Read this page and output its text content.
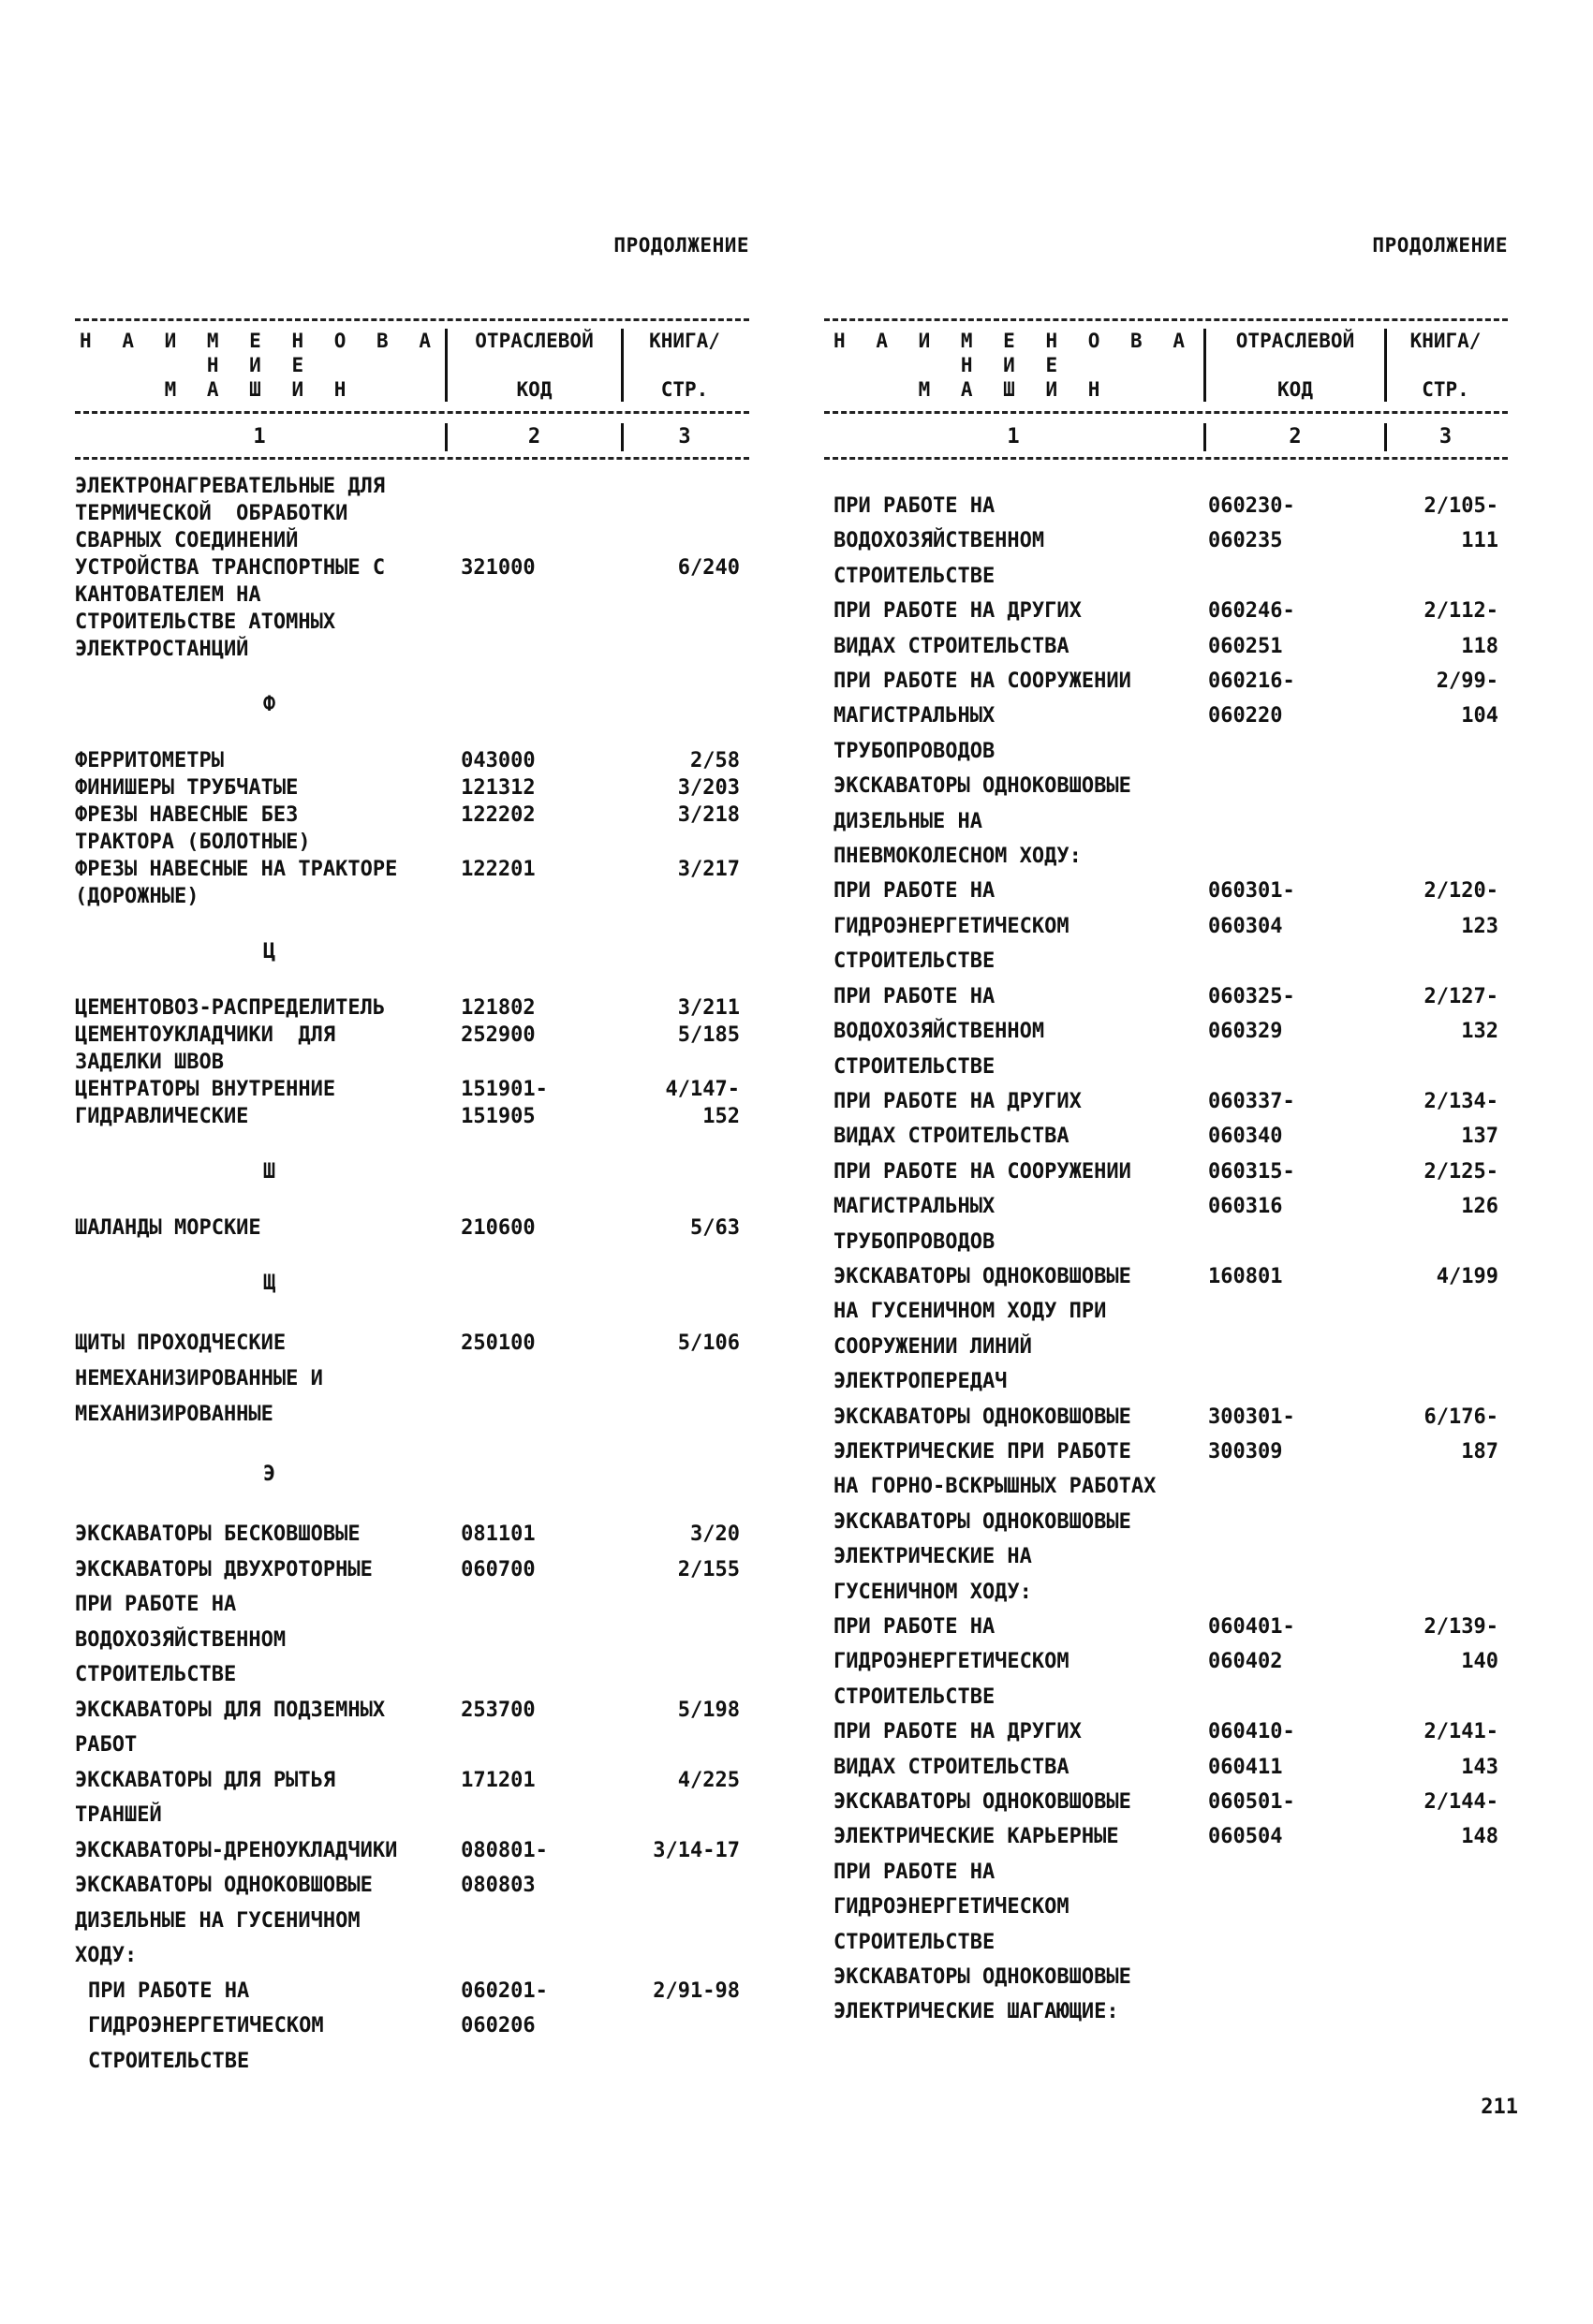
ПРОДОЛЖЕНИЕ
Н А И М Е Н О В А Н И Е
ОТРАСЛЕВОЙ	КНИГА/
М А Ш И Н	КОД	СТР.
1	2	3
ЭЛЕКТРОНАГРЕВАТЕЛЬНЫЕ ДЛЯ
ТЕРМИЧЕСКОЙ  ОБРАБОТКИ
СВАРНЫХ СОЕДИНЕНИЙ
УСТРОЙСТВА ТРАНСПОРТНЫЕ С	321000	6/240
КАНТОВАТЕЛЕМ НА
СТРОИТЕЛЬСТВЕ АТОМНЫХ
ЭЛЕКТРОСТАНЦИЙ
Ф
ФЕРРИТОМЕТРЫ	043000	2/58
ФИНИШЕРЫ ТРУБЧАТЫЕ	121312	3/203
ФРЕЗЫ НАВЕСНЫЕ БЕЗ	122202	3/218
ТРАКТОРА (БОЛОТНЫЕ)
ФРЕЗЫ НАВЕСНЫЕ НА ТРАКТОРЕ	122201	3/217
(ДОРОЖНЫЕ)
Ц
ЦЕМЕНТОВОЗ-РАСПРЕДЕЛИТЕЛЬ	121802	3/211
ЦЕМЕНТОУКЛАДЧИКИ  ДЛЯ	252900	5/185
ЗАДЕЛКИ ШВОВ
ЦЕНТРАТОРЫ ВНУТРЕННИЕ	151901-	4/147-
ГИДРАВЛИЧЕСКИЕ	151905	152
Ш
ШАЛАНДЫ МОРСКИЕ	210600	5/63
Щ
ЩИТЫ ПРОХОДЧЕСКИЕ	250100	5/106
НЕМЕХАНИЗИРОВАННЫЕ И
МЕХАНИЗИРОВАННЫЕ
Э
ЭКСКАВАТОРЫ БЕСКОВШОВЫЕ	081101	3/20
ЭКСКАВАТОРЫ ДВУХРОТОРНЫЕ	060700	2/155
ПРИ РАБОТЕ НА
ВОДОХОЗЯЙСТВЕННОМ
СТРОИТЕЛЬСТВЕ
ЭКСКАВАТОРЫ ДЛЯ ПОДЗЕМНЫХ	253700	5/198
РАБОТ
ЭКСКАВАТОРЫ ДЛЯ РЫТЬЯ	171201	4/225
ТРАНШЕЙ
ЭКСКАВАТОРЫ-ДРЕНОУКЛАДЧИКИ	080801-	3/14-17
ЭКСКАВАТОРЫ ОДНОКОВШОВЫЕ	080803
ДИЗЕЛЬНЫЕ НА ГУСЕНИЧНОМ
ХОДУ:
ПРИ РАБОТЕ НА	060201-	2/91-98
ГИДРОЭНЕРГЕТИЧЕСКОМ	060206
СТРОИТЕЛЬСТВЕ
ПРОДОЛЖЕНИЕ
Н А И М Е Н О В А Н И Е
ОТРАСЛЕВОЙ	КНИГА/
М А Ш И Н	КОД	СТР.
1	2	3
ПРИ РАБОТЕ НА	060230-	2/105-
ВОДОХОЗЯЙСТВЕННОМ	060235	111
СТРОИТЕЛЬСТВЕ
ПРИ РАБОТЕ НА ДРУГИХ	060246-	2/112-
ВИДАХ СТРОИТЕЛЬСТВА	060251	118
ПРИ РАБОТЕ НА СООРУЖЕНИИ	060216-	2/99-
МАГИСТРАЛЬНЫХ	060220	104
ТРУБОПРОВОДОВ
ЭКСКАВАТОРЫ ОДНОКОВШОВЫЕ
ДИЗЕЛЬНЫЕ НА
ПНЕВМОКОЛЕСНОМ ХОДУ:
ПРИ РАБОТЕ НА	060301-	2/120-
ГИДРОЭНЕРГЕТИЧЕСКОМ	060304	123
СТРОИТЕЛЬСТВЕ
ПРИ РАБОТЕ НА	060325-	2/127-
ВОДОХОЗЯЙСТВЕННОМ	060329	132
СТРОИТЕЛЬСТВЕ
ПРИ РАБОТЕ НА ДРУГИХ	060337-	2/134-
ВИДАХ СТРОИТЕЛЬСТВА	060340	137
ПРИ РАБОТЕ НА СООРУЖЕНИИ	060315-	2/125-
МАГИСТРАЛЬНЫХ	060316	126
ТРУБОПРОВОДОВ
ЭКСКАВАТОРЫ ОДНОКОВШОВЫЕ	160801	4/199
НА ГУСЕНИЧНОМ ХОДУ ПРИ
СООРУЖЕНИИ ЛИНИЙ
ЭЛЕКТРОПЕРЕДАЧ
ЭКСКАВАТОРЫ ОДНОКОВШОВЫЕ	300301-	6/176-
ЭЛЕКТРИЧЕСКИЕ ПРИ РАБОТЕ	300309	187
НА ГОРНО-ВСКРЫШНЫХ РАБОТАХ
ЭКСКАВАТОРЫ ОДНОКОВШОВЫЕ
ЭЛЕКТРИЧЕСКИЕ НА
ГУСЕНИЧНОМ ХОДУ:
ПРИ РАБОТЕ НА	060401-	2/139-
ГИДРОЭНЕРГЕТИЧЕСКОМ	060402	140
СТРОИТЕЛЬСТВЕ
ПРИ РАБОТЕ НА ДРУГИХ	060410-	2/141-
ВИДАХ СТРОИТЕЛЬСТВА	060411	143
ЭКСКАВАТОРЫ ОДНОКОВШОВЫЕ	060501-	2/144-
ЭЛЕКТРИЧЕСКИЕ КАРЬЕРНЫЕ	060504	148
ПРИ РАБОТЕ НА
ГИДРОЭНЕРГЕТИЧЕСКОМ
СТРОИТЕЛЬСТВЕ
ЭКСКАВАТОРЫ ОДНОКОВШОВЫЕ
ЭЛЕКТРИЧЕСКИЕ ШАГАЮЩИЕ:
211
